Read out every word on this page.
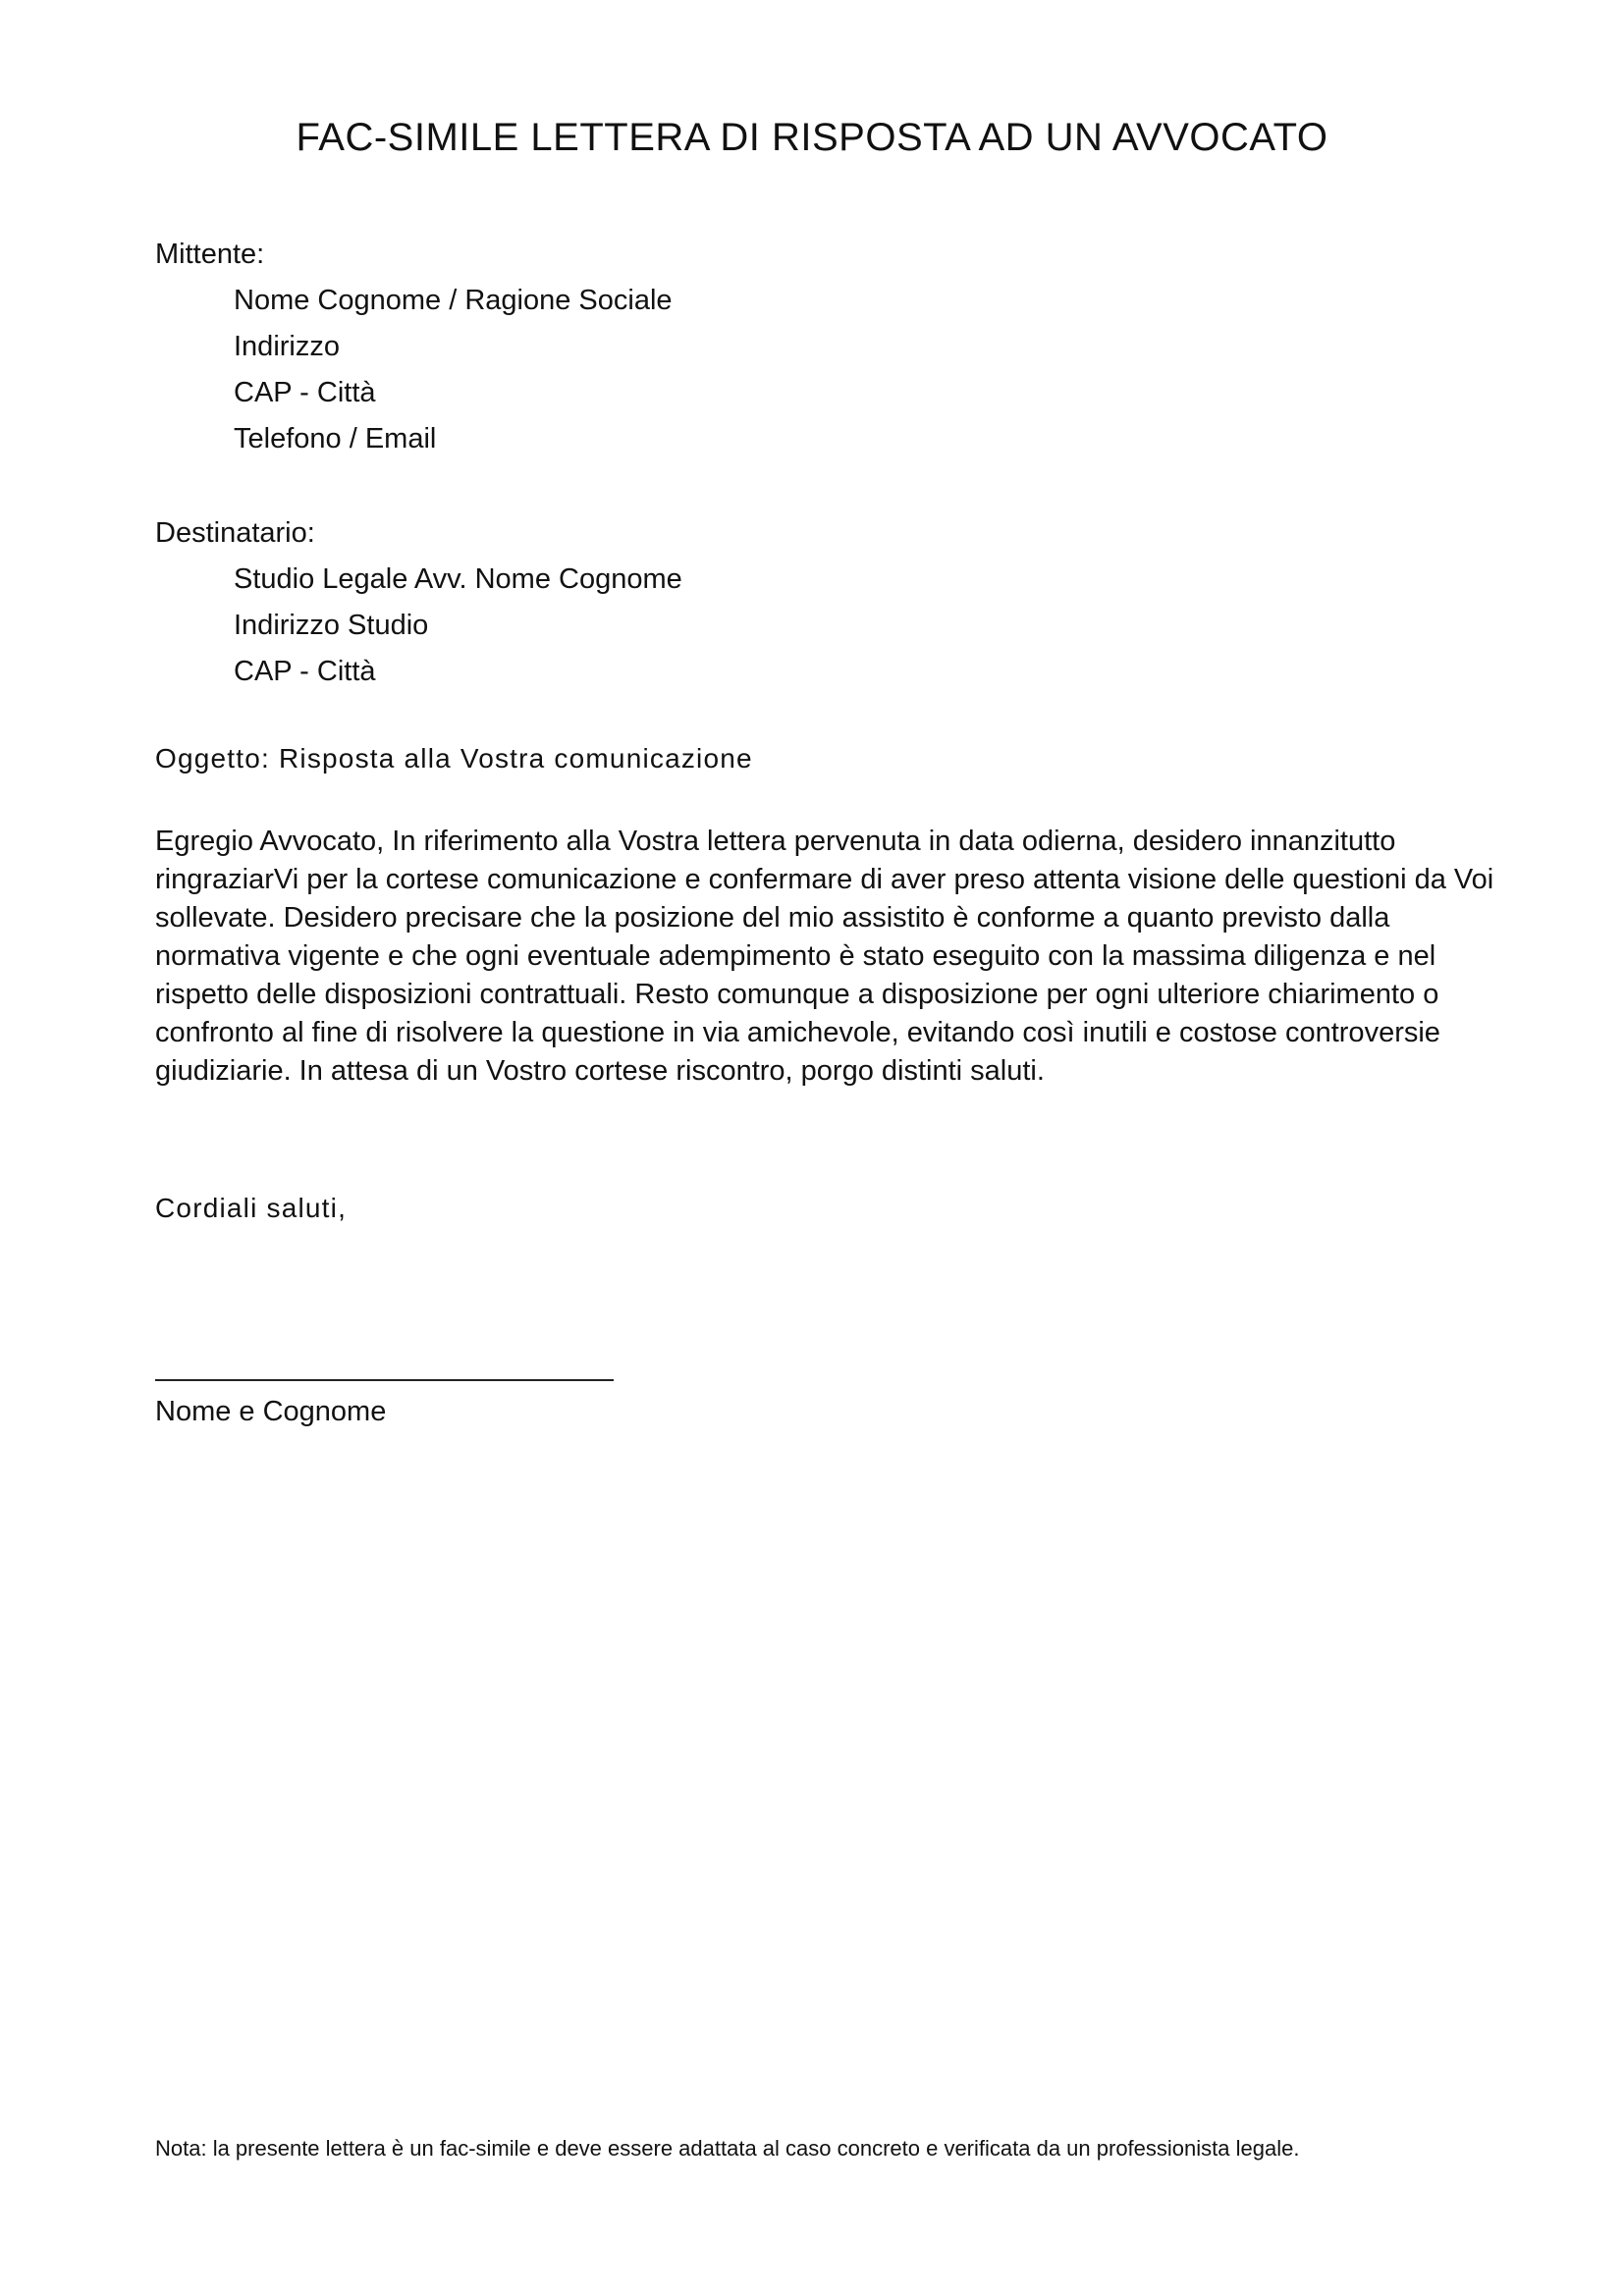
FAC-SIMILE LETTERA DI RISPOSTA AD UN AVVOCATO
Mittente:
Nome Cognome / Ragione Sociale
Indirizzo
CAP - Città
Telefono / Email
Destinatario:
Studio Legale Avv. Nome Cognome
Indirizzo Studio
CAP - Città
Oggetto: Risposta alla Vostra comunicazione

Egregio Avvocato, In riferimento alla Vostra lettera pervenuta in data odierna, desidero innanzitutto ringraziarVi per la cortese comunicazione e confermare di aver preso attenta visione delle questioni da Voi sollevate. Desidero precisare che la posizione del mio assistito è conforme a quanto previsto dalla normativa vigente e che ogni eventuale adempimento è stato eseguito con la massima diligenza e nel rispetto delle disposizioni contrattuali. Resto comunque a disposizione per ogni ulteriore chiarimento o confronto al fine di risolvere la questione in via amichevole, evitando così inutili e costose controversie giudiziarie. In attesa di un Vostro cortese riscontro, porgo distinti saluti.

Cordiali saluti,
Nome e Cognome
Nota: la presente lettera è un fac-simile e deve essere adattata al caso concreto e verificata da un professionista legale.
